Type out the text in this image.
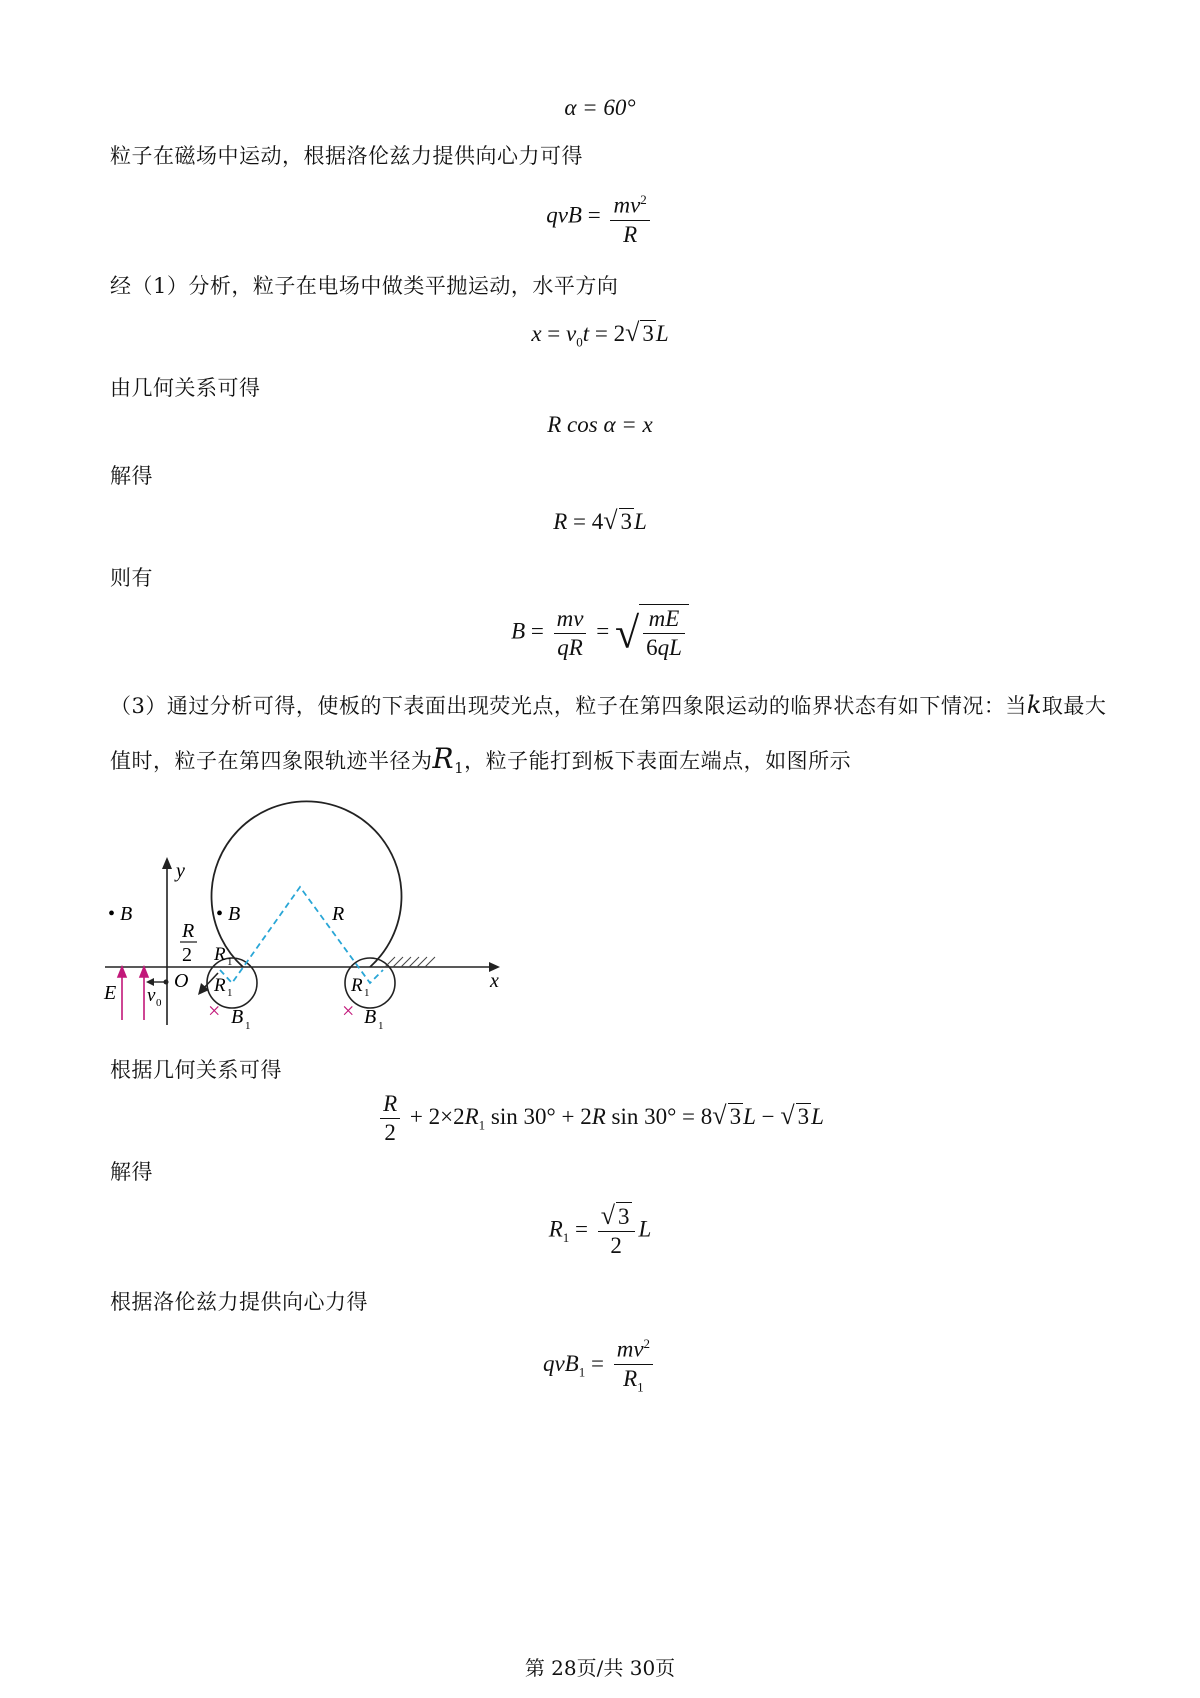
α = 60°
粒子在磁场中运动，根据洛伦兹力提供向心力可得
qvB = $\frac{mv^2}{R}$
经（1）分析，粒子在电场中做类平抛运动，水平方向
$x = v_0t = 2√$ 3L
由几何关系可得
R cos α = x
解得
R = 4√ 3L
则有
$B = \frac{mv}{qR}$ = √ $\frac{mE}{6qL}$
（3）通过分析可得，使板的下表面出现荧光点，粒子在第四象限运动的临界状态有如下情况：当k取最大
值时，粒子在第四象限轨迹半径为$R_1$，粒子能打到板下表面左端点，如图所示
y
x
O
• B	• B
R
2
R
R 1
R 1	R 1
E v 0 × B 1
× B 1
根据几何关系可得
$\frac{R}{2} + 2\times 2R_1$ sin 30° + 2R sin 30° = 8√ 3L − √ 3L
解得
$R_1 = \frac{√ 3}{2}$ L
根据洛伦兹力提供向心力得
$qvB_1 = \frac{mv^2}{R_1}$
第 28页/共 30页
